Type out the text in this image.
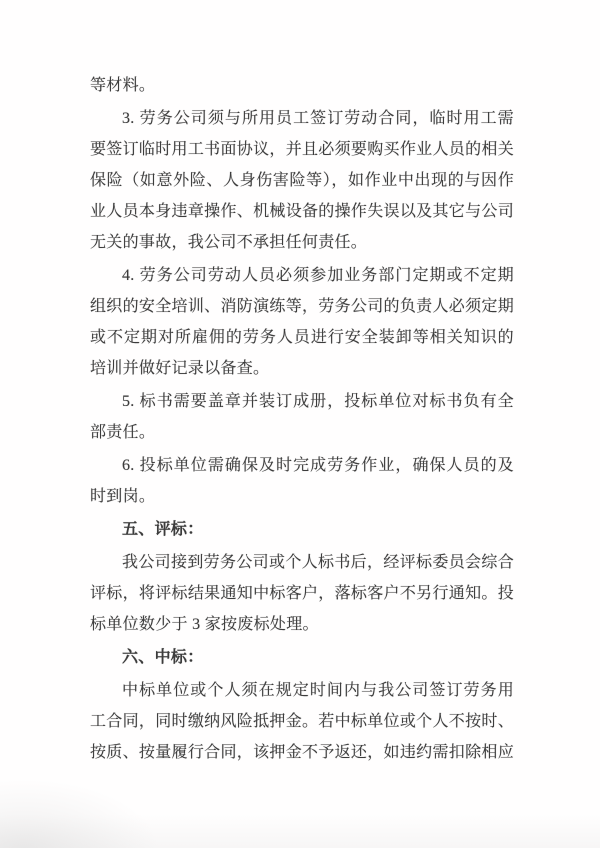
等材料。
3. 劳务公司须与所用员工签订劳动合同，临时用工需
要签订临时用工书面协议，并且必须要购买作业人员的相关
保险（如意外险、人身伤害险等），如作业中出现的与因作
业人员本身违章操作、机械设备的操作失误以及其它与公司
无关的事故，我公司不承担任何责任。
4. 劳务公司劳动人员必须参加业务部门定期或不定期
组织的安全培训、消防演练等，劳务公司的负责人必须定期
或不定期对所雇佣的劳务人员进行安全装卸等相关知识的
培训并做好记录以备查。
5. 标书需要盖章并装订成册，投标单位对标书负有全
部责任。
6. 投标单位需确保及时完成劳务作业，确保人员的及
时到岗。
五、评标：
我公司接到劳务公司或个人标书后，经评标委员会综合
评标，将评标结果通知中标客户，落标客户不另行通知。投
标单位数少于 3 家按废标处理。
六、中标：
中标单位或个人须在规定时间内与我公司签订劳务用
工合同，同时缴纳风险抵押金。若中标单位或个人不按时、
按质、按量履行合同，该押金不予返还，如违约需扣除相应
